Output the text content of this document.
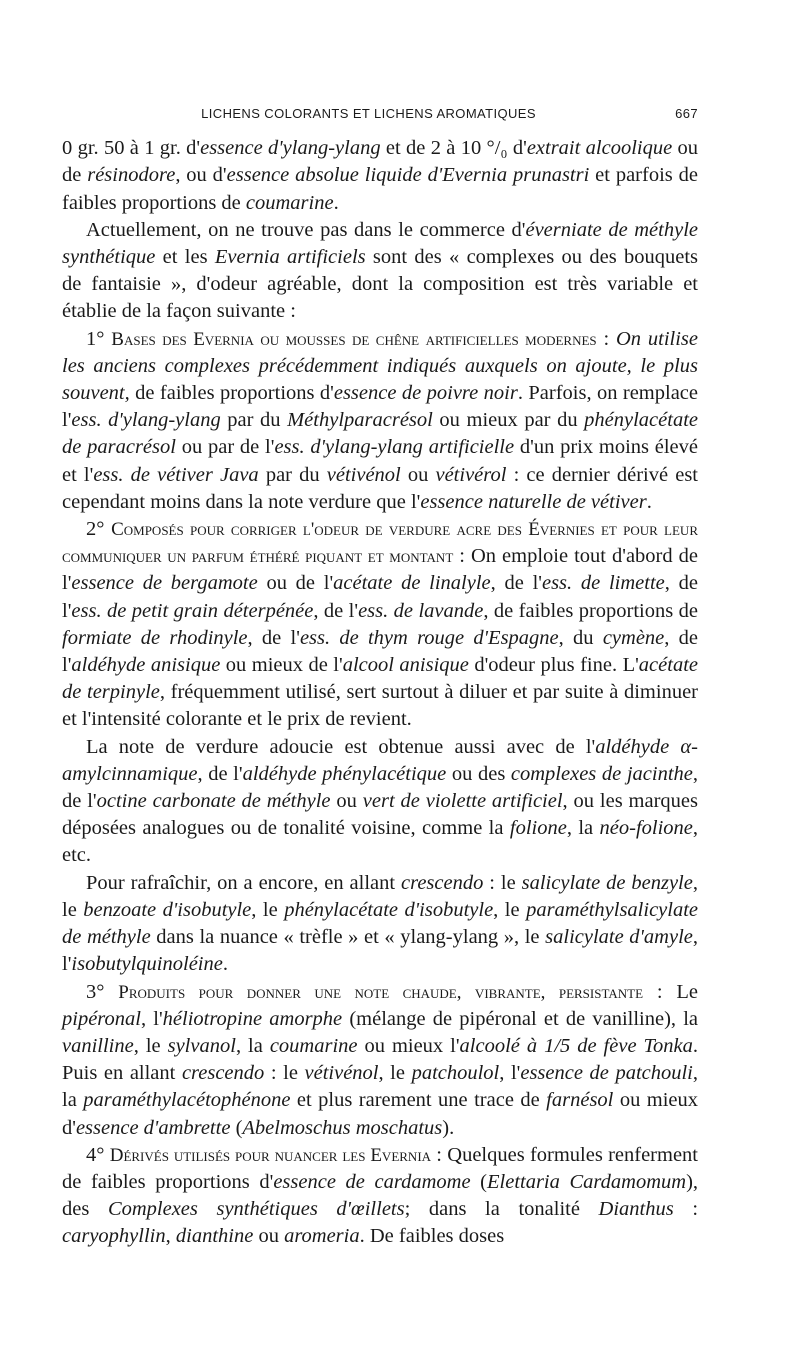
LICHENS COLORANTS ET LICHENS AROMATIQUES	667

0 gr. 50 à 1 gr. d'essence d'ylang-ylang et de 2 à 10 °/₀ d'extrait alcoolique ou de résinodore, ou d'essence absolue liquide d'Evernia prunastri et parfois de faibles proportions de coumarine.

Actuellement, on ne trouve pas dans le commerce d'éverniate de méthyle synthétique et les Evernia artificiels sont des « complexes ou des bouquets de fantaisie », d'odeur agréable, dont la composition est très variable et établie de la façon suivante :

1° Bases des Evernia ou mousses de chêne artificielles modernes : On utilise les anciens complexes précédemment indiqués auxquels on ajoute, le plus souvent, de faibles proportions d'essence de poivre noir. Parfois, on remplace l'ess. d'ylang-ylang par du Méthylparacrésol ou mieux par du phénylacétate de paracrésol ou par de l'ess. d'ylang-ylang artificielle d'un prix moins élevé et l'ess. de vétiver Java par du vétivénol ou vétivérol : ce dernier dérivé est cependant moins dans la note verdure que l'essence naturelle de vétiver.

2° Composés pour corriger l'odeur de verdure acre des Évernies et pour leur communiquer un parfum éthéré piquant et montant : On emploie tout d'abord de l'essence de bergamote ou de l'acétate de linalyle, de l'ess. de limette, de l'ess. de petit grain déterpénée, de l'ess. de lavande, de faibles proportions de formiate de rhodinyle, de l'ess. de thym rouge d'Espagne, du cymène, de l'aldéhyde anisique ou mieux de l'alcool anisique d'odeur plus fine. L'acétate de terpinyle, fréquemment utilisé, sert surtout à diluer et par suite à diminuer et l'intensité colorante et le prix de revient.

La note de verdure adoucie est obtenue aussi avec de l'aldéhyde α-amylcinnamique, de l'aldéhyde phénylacétique ou des complexes de jacinthe, de l'octine carbonate de méthyle ou vert de violette artificiel, ou les marques déposées analogues ou de tonalité voisine, comme la folione, la néo-folione, etc.

Pour rafraîchir, on a encore, en allant crescendo : le salicylate de benzyle, le benzoate d'isobutyle, le phénylacétate d'isobutyle, le paraméthylsalicylate de méthyle dans la nuance « trèfle » et « ylang-ylang », le salicylate d'amyle, l'isobutylquinoléine.

3° Produits pour donner une note chaude, vibrante, persistante : Le pipéronal, l'héliotropine amorphe (mélange de pipéronal et de vanilline), la vanilline, le sylvanol, la coumarine ou mieux l'alcoolé à 1/5 de fève Tonka. Puis en allant crescendo : le vétivénol, le patchoulol, l'essence de patchouli, la paraméthylacétophénone et plus rarement une trace de farnésol ou mieux d'essence d'ambrette (Abelmoschus moschatus).

4° Dérivés utilisés pour nuancer les Evernia : Quelques formules renferment de faibles proportions d'essence de cardamome (Elettaria Cardamomum), des Complexes synthétiques d'œillets; dans la tonalité Dianthus : caryophyllin, dianthine ou aromeria. De faibles doses
